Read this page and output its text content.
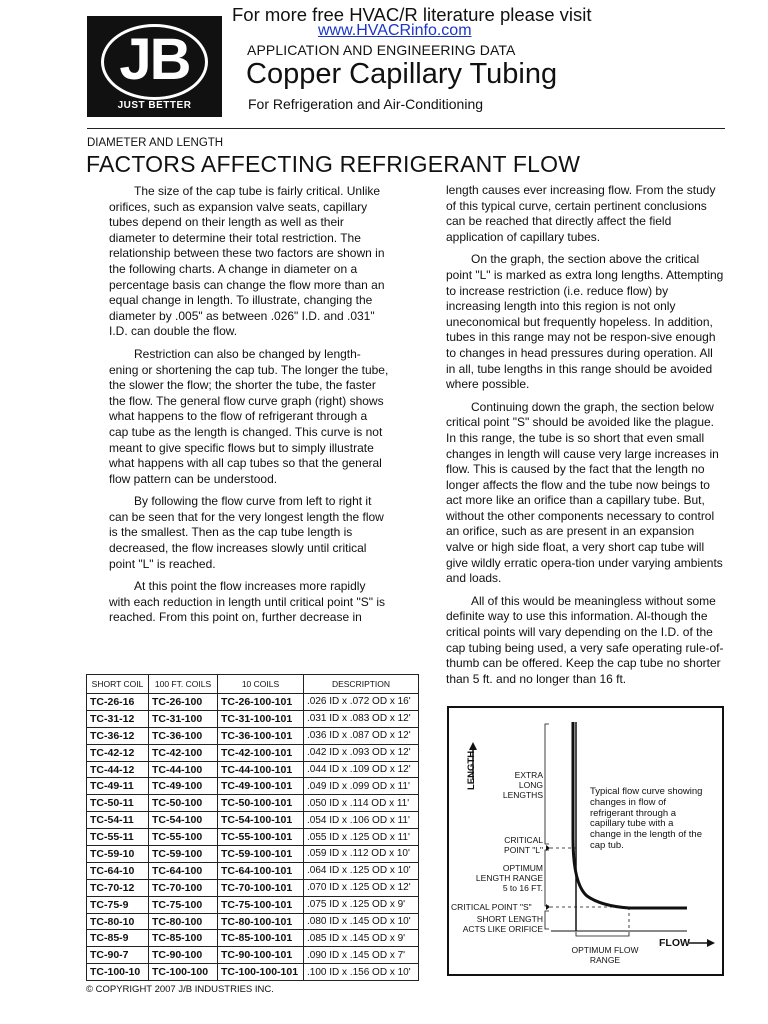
JB
JUST BETTER
For more free HVAC/R literature please visit
www.HVACRinfo.com
APPLICATION AND ENGINEERING DATA
Copper Capillary Tubing
For Refrigeration and Air-Conditioning
DIAMETER AND LENGTH
FACTORS AFFECTING REFRIGERANT FLOW

The size of the cap tube is fairly critical. Unlike orifices, such as expansion valve seats, capillary tubes depend on their length as well as their diameter to determine their total restriction. The relationship between these two factors are shown in the following charts. A change in diameter on a percentage basis can change the flow more than an equal change in length. To illustrate, changing the diameter by .005" as between .026" I.D. and .031" I.D. can double the flow.

Restriction can also be changed by length-ening or shortening the cap tub. The longer the tube, the slower the flow; the shorter the tube, the faster the flow. The general flow curve graph (right) shows what happens to the flow of refrigerant through a cap tube as the length is changed. This curve is not meant to give specific flows but to simply illustrate what happens with all cap tubes so that the general flow pattern can be understood.

By following the flow curve from left to right it can be seen that for the very longest length the flow is the smallest. Then as the cap tube length is decreased, the flow increases slowly until critical point "L" is reached.

At this point the flow increases more rapidly with each reduction in length until critical point "S" is reached. From this point on, further decrease in

length causes ever increasing flow. From the study of this typical curve, certain pertinent conclusions can be reached that directly affect the field application of capillary tubes.

On the graph, the section above the critical point "L" is marked as extra long lengths. Attempting to increase restriction (i.e. reduce flow) by increasing length into this region is not only uneconomical but frequently hopeless. In addition, tubes in this range may not be respon-sive enough to changes in head pressures during operation. All in all, tube lengths in this range should be avoided where possible.

Continuing down the graph, the section below critical point "S" should be avoided like the plague. In this range, the tube is so short that even small changes in length will cause very large increases in flow. This is caused by the fact that the length no longer affects the flow and the tube now beings to act more like an orifice than a capillary tube. But, without the other components necessary to control an orifice, such as are present in an expansion valve or high side float, a very short cap tube will give wildly erratic opera-tion under varying ambients and loads.

All of this would be meaningless without some definite way to use this information. Al-though the critical points will vary depending on the I.D. of the cap tubing being used, a very safe operating rule-of-thumb can be offered. Keep the cap tube no shorter than 5 ft. and no longer than 16 ft.

SHORT COIL	100 FT. COILS	10 COILS	DESCRIPTION
TC-26-16	TC-26-100	TC-26-100-101	.026 ID x .072 OD x 16'
TC-31-12	TC-31-100	TC-31-100-101	.031 ID x .083 OD x 12'
TC-36-12	TC-36-100	TC-36-100-101	.036 ID x .087 OD x 12'
TC-42-12	TC-42-100	TC-42-100-101	.042 ID x .093 OD x 12'
TC-44-12	TC-44-100	TC-44-100-101	.044 ID x .109 OD x 12'
TC-49-11	TC-49-100	TC-49-100-101	.049 ID x .099 OD x 11'
TC-50-11	TC-50-100	TC-50-100-101	.050 ID x .114 OD x 11'
TC-54-11	TC-54-100	TC-54-100-101	.054 ID x .106 OD x 11'
TC-55-11	TC-55-100	TC-55-100-101	.055 ID x .125 OD x 11'
TC-59-10	TC-59-100	TC-59-100-101	.059 ID x .112 OD x 10'
TC-64-10	TC-64-100	TC-64-100-101	.064 ID x .125 OD x 10'
TC-70-12	TC-70-100	TC-70-100-101	.070 ID x .125 OD x 12'
TC-75-9	TC-75-100	TC-75-100-101	.075 ID x .125 OD x 9'
TC-80-10	TC-80-100	TC-80-100-101	.080 ID x .145 OD x 10'
TC-85-9	TC-85-100	TC-85-100-101	.085 ID x .145 OD x 9'
TC-90-7	TC-90-100	TC-90-100-101	.090 ID x .145 OD x 7'
TC-100-10	TC-100-100	TC-100-100-101	.100 ID x .156 OD x 10'
© COPYRIGHT 2007 J/B INDUSTRIES INC.
LENGTH	EXTRA
LONG
LENGTHS
CRITICAL
POINT "L"
OPTIMUM
LENGTH RANGE
5 to 16 FT.
CRITICAL POINT "S"
SHORT LENGTH
ACTS LIKE ORIFICE
OPTIMUM FLOW
RANGE
FLOW
Typical flow curve showing
changes in flow of
refrigerant through a
capillary tube with a
change in the length of the
cap tub.
